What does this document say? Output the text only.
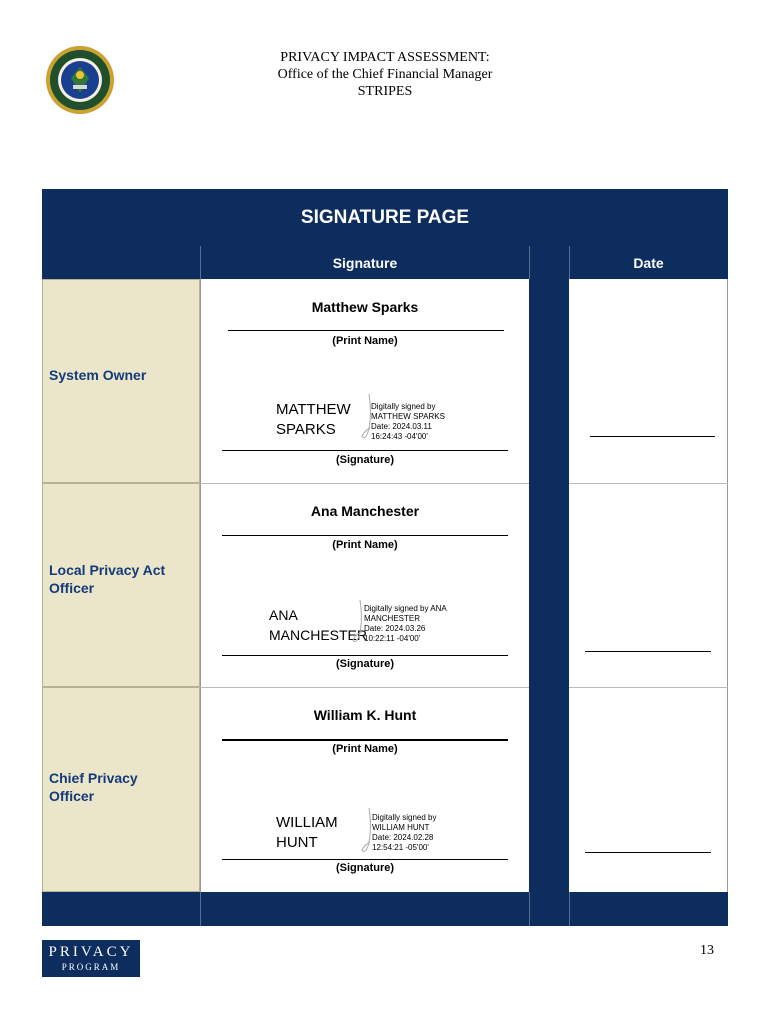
PRIVACY IMPACT ASSESSMENT:
Office of the Chief Financial Manager
STRIPES
SIGNATURE PAGE
Signature	Date
System Owner
Matthew Sparks
(Print Name)
MATTHEW
SPARKS
Digitally signed by
MATTHEW SPARKS
Date: 2024.03.11
16:24:43 -04'00'
(Signature)
Local Privacy Act
Officer
Ana Manchester
(Print Name)
ANA
MANCHESTER
Digitally signed by ANA
MANCHESTER
Date: 2024.03.26
10:22:11 -04'00'
(Signature)
Chief Privacy
Officer
William K. Hunt
(Print Name)
WILLIAM
HUNT
Digitally signed by
WILLIAM HUNT
Date: 2024.02.28
12:54:21 -05'00'
(Signature)
PRIVACY
PROGRAM
13
